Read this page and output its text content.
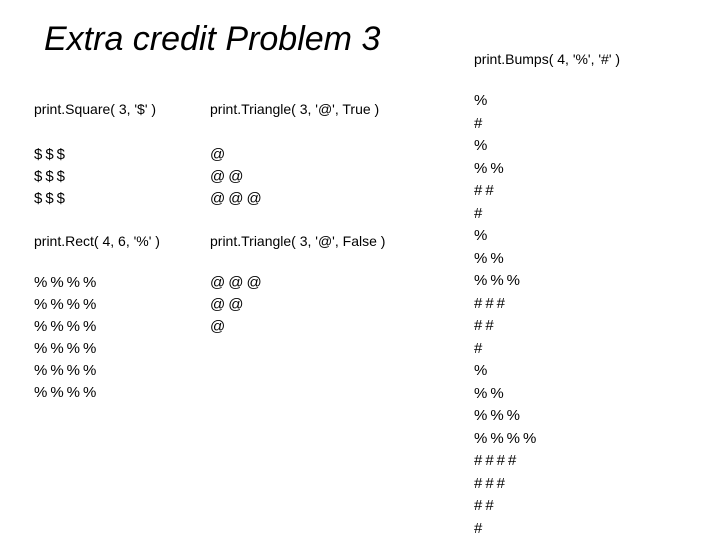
Extra credit Problem 3
print.Square( 3, '$' )	print.Triangle( 3, '@', True )
print.Rect( 4, 6, '%' )	print.Triangle( 3, '@', False )
print.Bumps( 4, '%', '#' )
$$$
$$$
$$$
@
@@
@@@
%%%%
%%%%
%%%%
%%%%
%%%%
%%%%
@@@
@@
@
%
#
%
%%
##
#
%
%%
%%%
###
##
#
%
%%
%%%
%%%%
####
###
##
#
